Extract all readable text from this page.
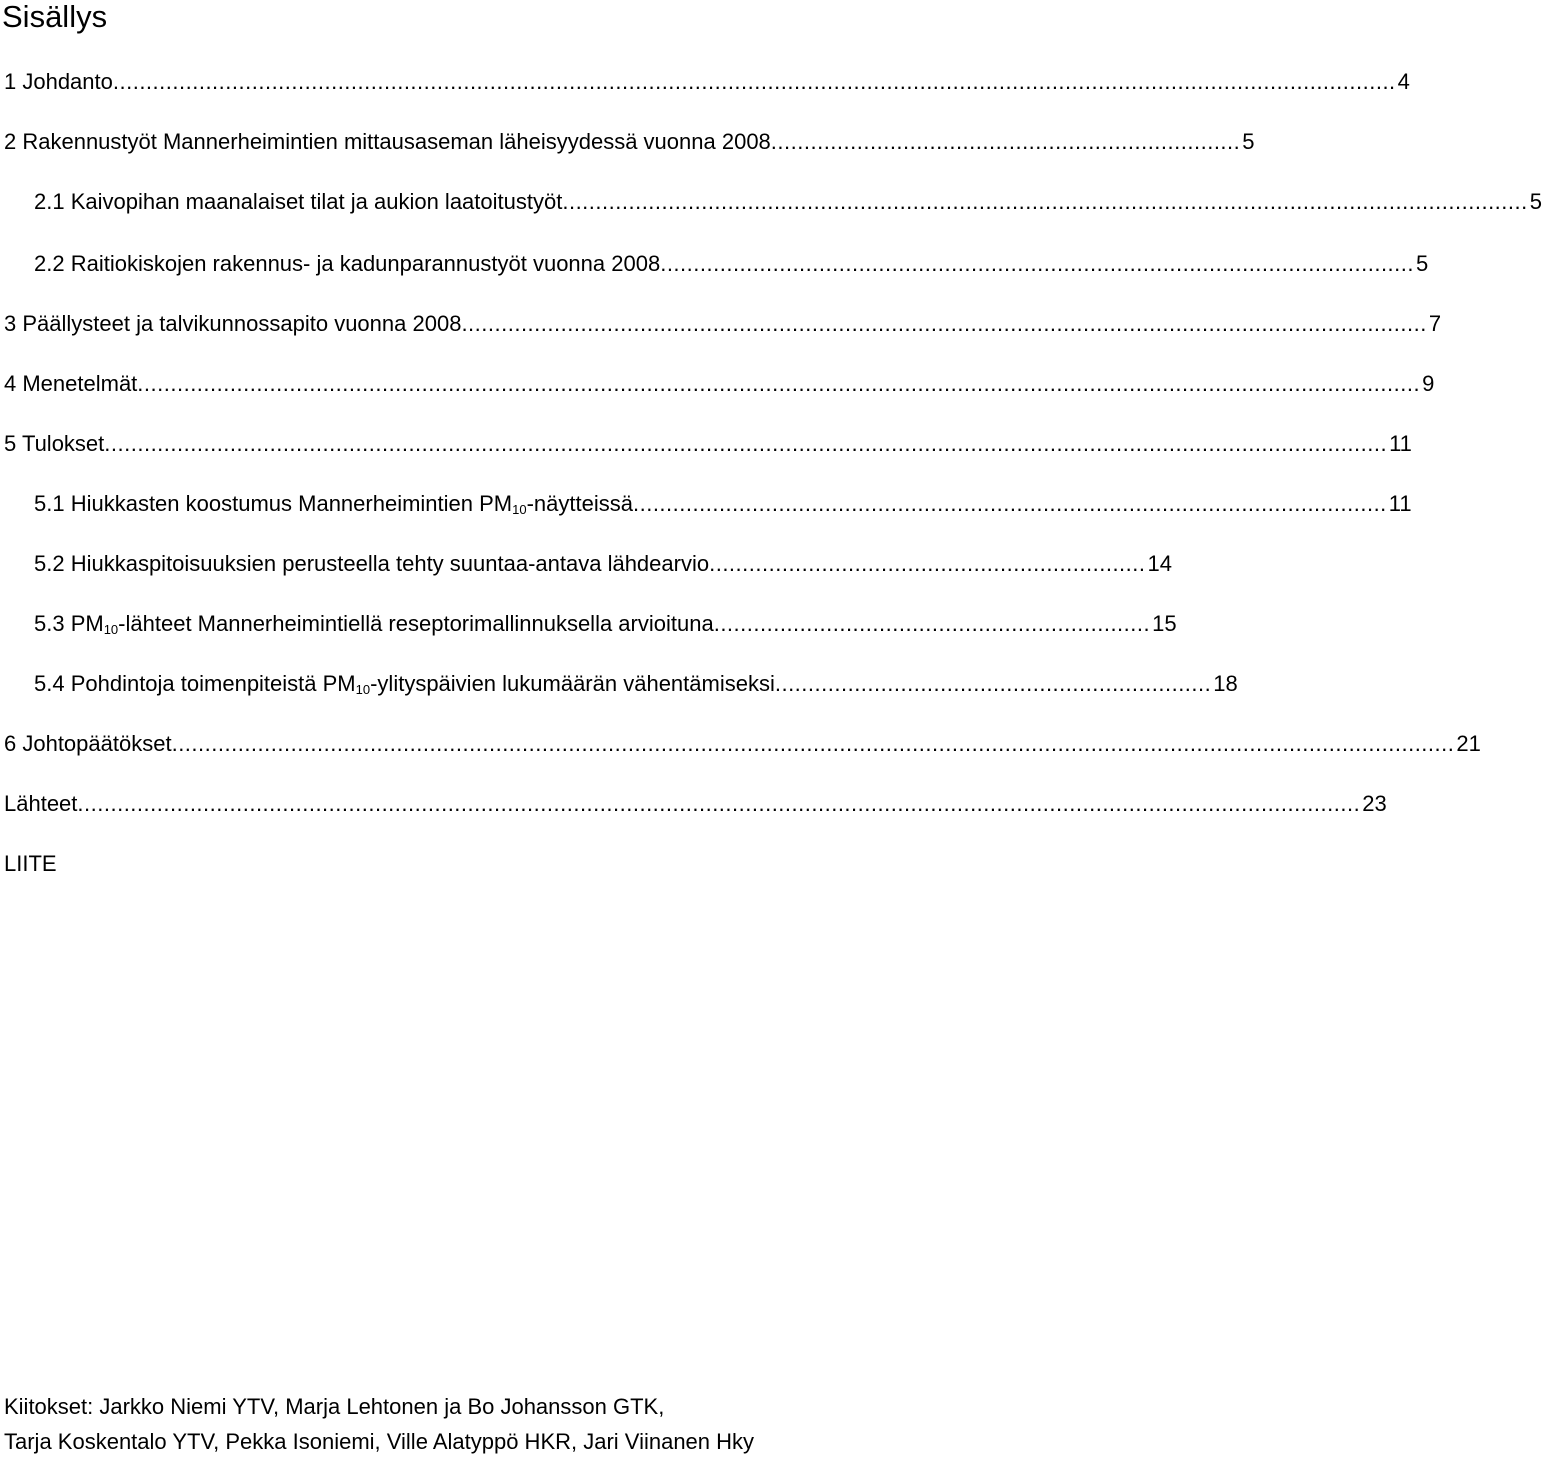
Sisällys
1 Johdanto .................................................................................................................................................................................................. 4
2 Rakennustyöt Mannerheimintien mittausaseman läheisyydessä vuonna 2008 ....................................................................... 5
2.1 Kaivopihan maanalaiset tilat ja aukion laatoitustyöt .................................................................................................................................................. 5
2.2 Raitiokiskojen rakennus- ja kadunparannustyöt vuonna 2008 .................................................................................................................. 5
3 Päällysteet ja talvikunnossapito vuonna 2008 .................................................................................................................................................. 7
4 Menetelmät .................................................................................................................................................................................................. 9
5 Tulokset .................................................................................................................................................................................................. 11
5.1 Hiukkasten koostumus Mannerheimintien $PM_{10}$-näytteissä .................................................................................................................. 11
5.2 Hiukkaspitoisuuksien perusteella tehty suuntaa-antava lähdearvio .................................................................. 14
5.3 $PM_{10}$-lähteet Mannerheimintiellä reseptorimallinnuksella arvioituna .................................................................. 15
5.4 Pohdintoja toimenpiteistä $PM_{10}$-ylityspäivien lukumäärän vähentämiseksi .................................................................. 18
6 Johtopäätökset .................................................................................................................................................................................................. 21
Lähteet .................................................................................................................................................................................................. 23
LIITE
Kiitokset: Jarkko Niemi YTV, Marja Lehtonen ja Bo Johansson GTK,
Tarja Koskentalo YTV, Pekka Isoniemi, Ville Alatyppö HKR, Jari Viinanen Hky
